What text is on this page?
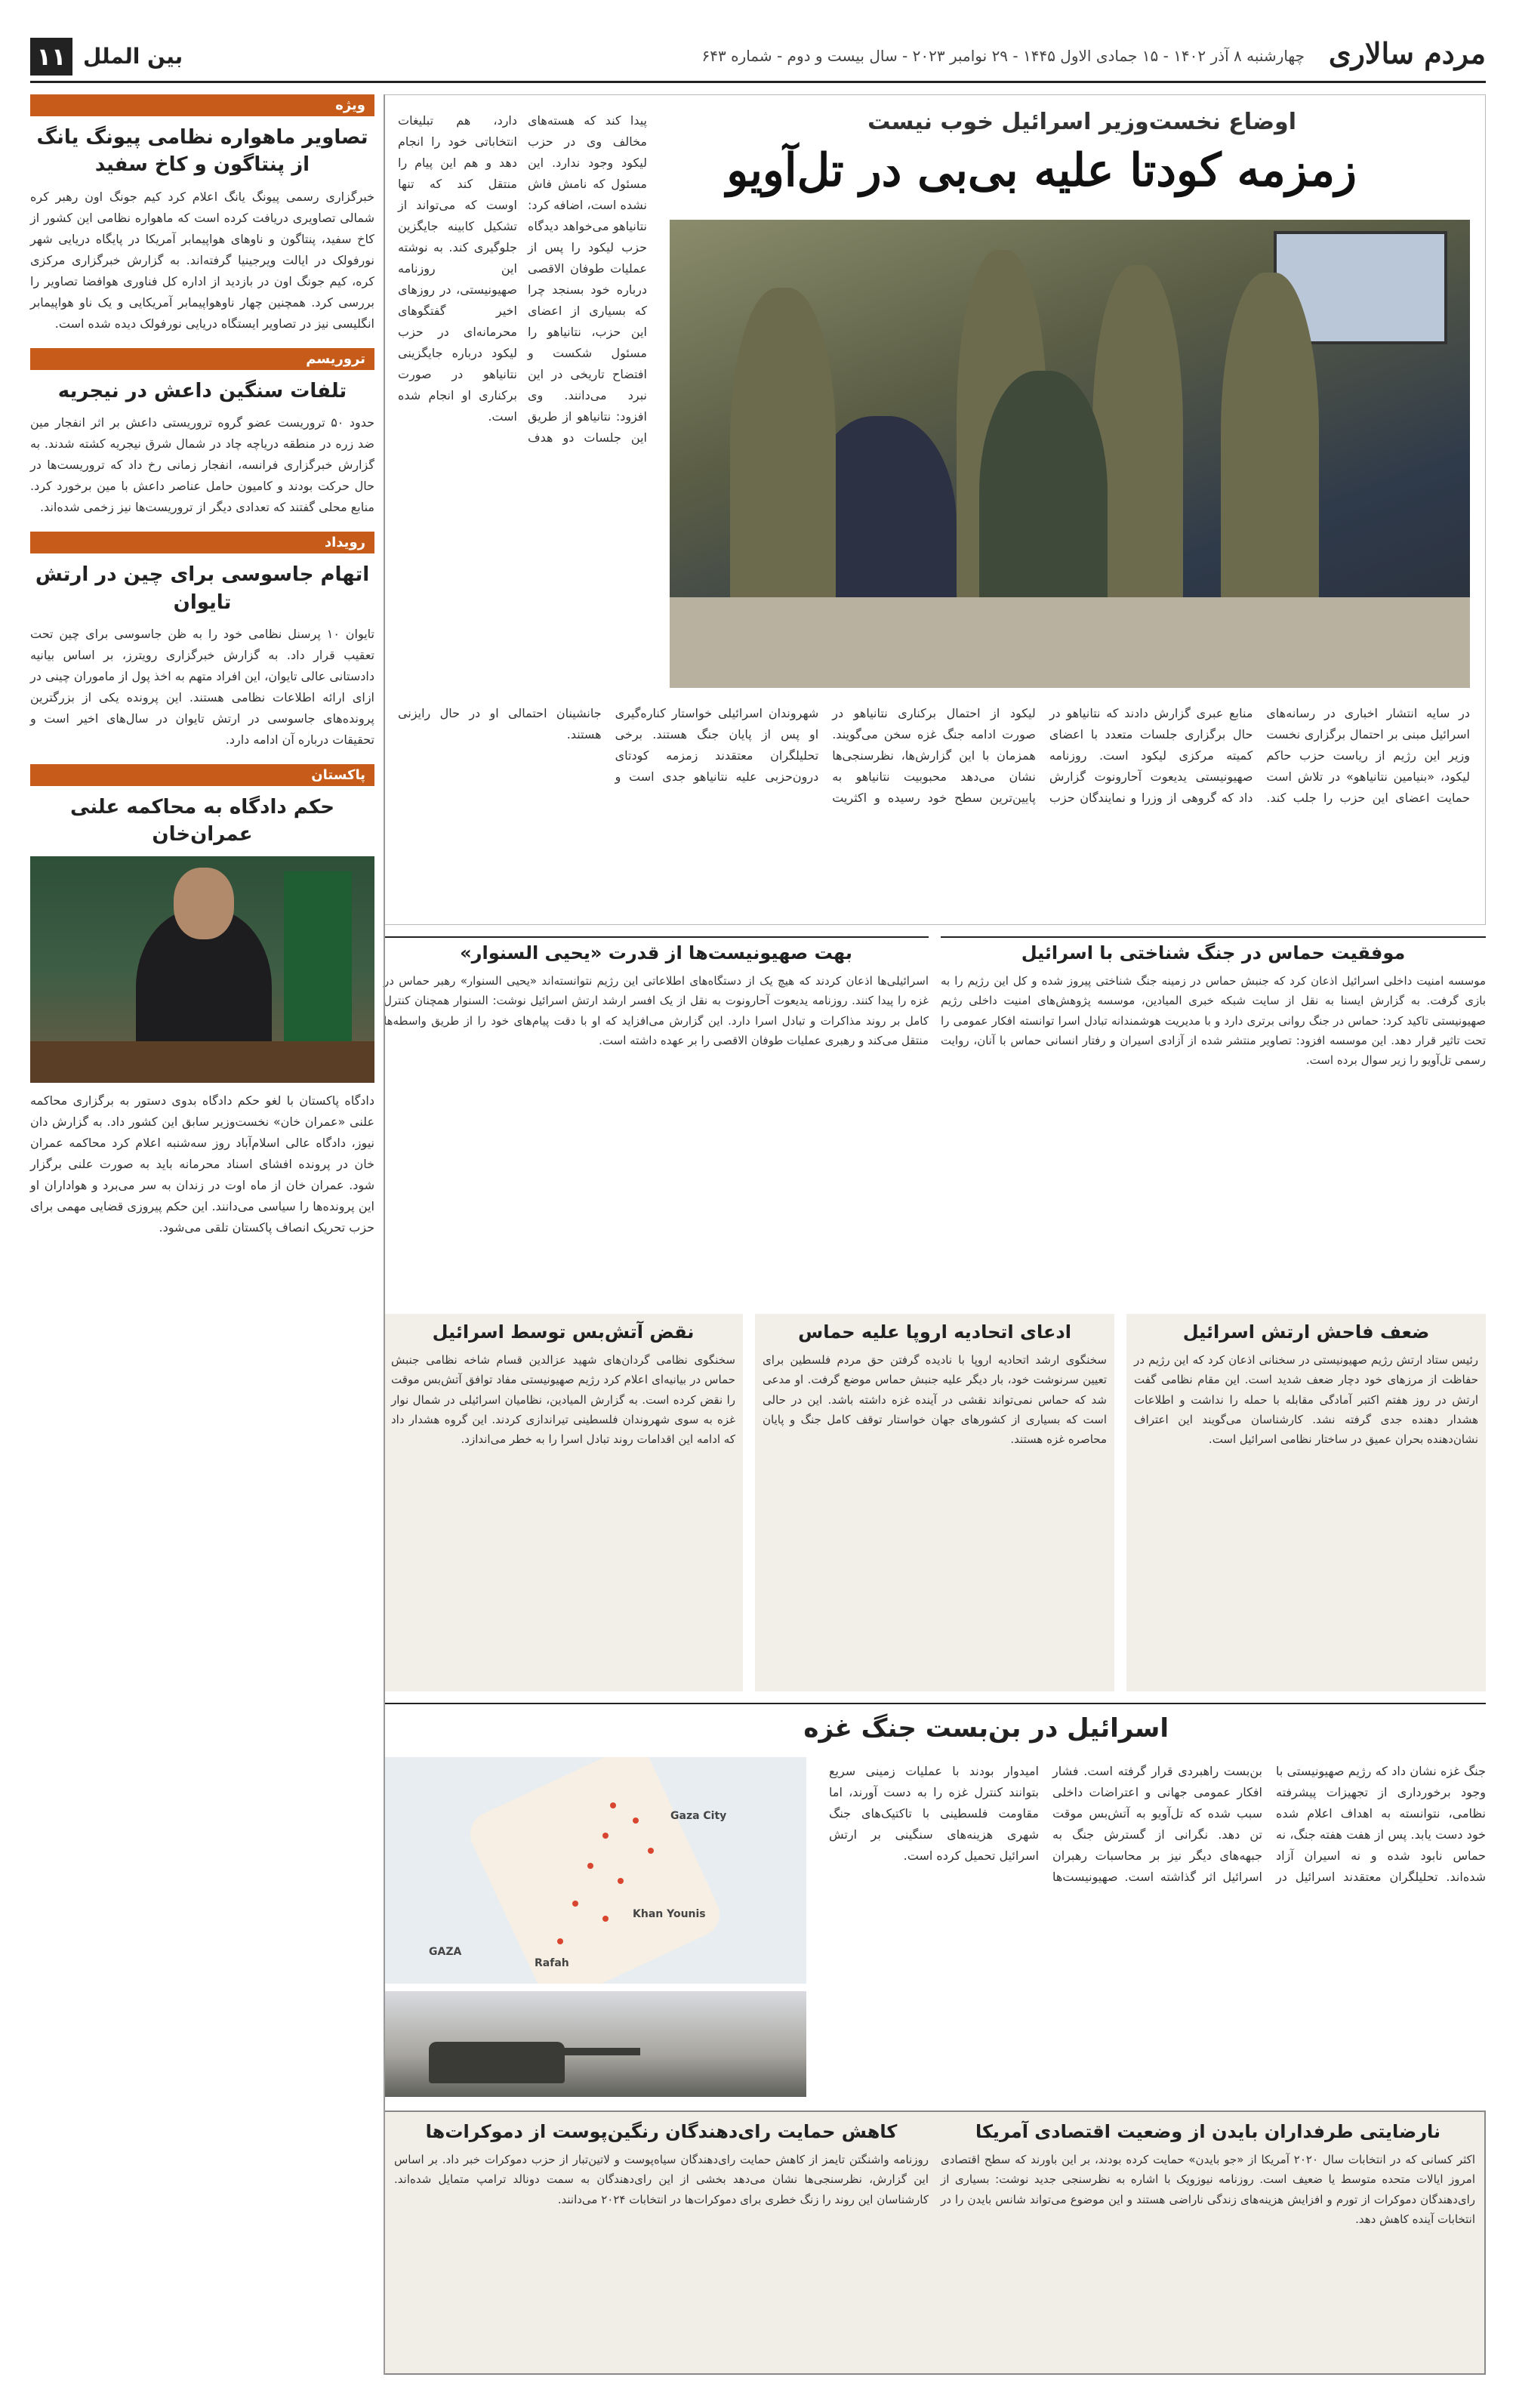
مردم سالاری
چهارشنبه ۸ آذر ۱۴۰۲ - ۱۵ جمادی الاول ۱۴۴۵ - ۲۹ نوامبر ۲۰۲۳ - سال بیست و دوم - شماره ۶۴۳
بین الملل
۱۱
اوضاع نخست‌وزیر اسرائیل خوب نیست
زمزمه کودتا علیه بی‌بی در تل‌آویو

پیدا کند که هسته‌های مخالف وی در حزب لیکود وجود ندارد. این مسئول که نامش فاش نشده است، اضافه کرد: نتانیاهو می‌خواهد دیدگاه حزب لیکود را پس از عملیات طوفان الاقصی درباره خود بسنجد چرا که بسیاری از اعضای این حزب، نتانیاهو را مسئول شکست و افتضاح تاریخی در این نبرد می‌دانند. وی افزود: نتانیاهو از طریق این جلسات دو هدف دارد، هم تبلیغات انتخاباتی خود را انجام دهد و هم این پیام را منتقل کند که تنها اوست که می‌تواند از تشکیل کابینه جایگزین جلوگیری کند. به نوشته این روزنامه صهیونیستی، در روزهای اخیر گفتگوهای محرمانه‌ای در حزب لیکود درباره جایگزینی نتانیاهو در صورت برکناری او انجام شده است.

در سایه انتشار اخباری در رسانه‌های اسرائیل مبنی بر احتمال برگزاری نخست وزیر این رژیم از ریاست حزب حاکم لیکود، «بنیامین نتانیاهو» در تلاش است حمایت اعضای این حزب را جلب کند. منابع عبری گزارش دادند که نتانیاهو در حال برگزاری جلسات متعدد با اعضای کمیته مرکزی لیکود است. روزنامه صهیونیستی یدیعوت آحارونوت گزارش داد که گروهی از وزرا و نمایندگان حزب لیکود از احتمال برکناری نتانیاهو در صورت ادامه جنگ غزه سخن می‌گویند. همزمان با این گزارش‌ها، نظرسنجی‌ها نشان می‌دهد محبوبیت نتانیاهو به پایین‌ترین سطح خود رسیده و اکثریت شهروندان اسرائیلی خواستار کناره‌گیری او پس از پایان جنگ هستند. برخی تحلیلگران معتقدند زمزمه کودتای درون‌حزبی علیه نتانیاهو جدی است و جانشینان احتمالی او در حال رایزنی هستند.

موفقیت حماس در جنگ شناختی با اسرائیل

موسسه امنیت داخلی اسرائیل اذعان کرد که جنبش حماس در زمینه جنگ شناختی پیروز شده و کل این رژیم را به بازی گرفت. به گزارش ایسنا به نقل از سایت شبکه خبری المیادین، موسسه پژوهش‌های امنیت داخلی رژیم صهیونیستی تاکید کرد: حماس در جنگ روانی برتری دارد و با مدیریت هوشمندانه تبادل اسرا توانسته افکار عمومی را تحت تاثیر قرار دهد. این موسسه افزود: تصاویر منتشر شده از آزادی اسیران و رفتار انسانی حماس با آنان، روایت رسمی تل‌آویو را زیر سوال برده است.

بهت صهیونیست‌ها از قدرت «یحیی السنوار»

اسرائیلی‌ها اذعان کردند که هیچ یک از دستگاه‌های اطلاعاتی این رژیم نتوانسته‌اند «یحیی السنوار» رهبر حماس در غزه را پیدا کنند. روزنامه یدیعوت آحارونوت به نقل از یک افسر ارشد ارتش اسرائیل نوشت: السنوار همچنان کنترل کامل بر روند مذاکرات و تبادل اسرا دارد. این گزارش می‌افزاید که او با دقت پیام‌های خود را از طریق واسطه‌ها منتقل می‌کند و رهبری عملیات طوفان الاقصی را بر عهده داشته است.

ضعف فاحش ارتش اسرائیل

رئیس ستاد ارتش رژیم صهیونیستی در سخنانی اذعان کرد که این رژیم در حفاظت از مرزهای خود دچار ضعف شدید است. این مقام نظامی گفت ارتش در روز هفتم اکتبر آمادگی مقابله با حمله را نداشت و اطلاعات هشدار دهنده جدی گرفته نشد. کارشناسان می‌گویند این اعتراف نشان‌دهنده بحران عمیق در ساختار نظامی اسرائیل است.

ادعای اتحادیه اروپا علیه حماس

سخنگوی ارشد اتحادیه اروپا با نادیده گرفتن حق مردم فلسطین برای تعیین سرنوشت خود، بار دیگر علیه جنبش حماس موضع گرفت. او مدعی شد که حماس نمی‌تواند نقشی در آینده غزه داشته باشد. این در حالی است که بسیاری از کشورهای جهان خواستار توقف کامل جنگ و پایان محاصره غزه هستند.

نقض آتش‌بس توسط اسرائیل

سخنگوی نظامی گردان‌های شهید عزالدین قسام شاخه نظامی جنبش حماس در بیانیه‌ای اعلام کرد رژیم صهیونیستی مفاد توافق آتش‌بس موقت را نقض کرده است. به گزارش المیادین، نظامیان اسرائیلی در شمال نوار غزه به سوی شهروندان فلسطینی تیراندازی کردند. این گروه هشدار داد که ادامه این اقدامات روند تبادل اسرا را به خطر می‌اندازد.

اسرائیل در بن‌بست جنگ غزه

جنگ غزه نشان داد که رژیم صهیونیستی با وجود برخورداری از تجهیزات پیشرفته نظامی، نتوانسته به اهداف اعلام شده خود دست یابد. پس از هفت هفته جنگ، نه حماس نابود شده و نه اسیران آزاد شده‌اند. تحلیلگران معتقدند اسرائیل در بن‌بست راهبردی قرار گرفته است. فشار افکار عمومی جهانی و اعتراضات داخلی سبب شده که تل‌آویو به آتش‌بس موقت تن دهد. نگرانی از گسترش جنگ به جبهه‌های دیگر نیز بر محاسبات رهبران اسرائیل اثر گذاشته است. صهیونیست‌ها امیدوار بودند با عملیات زمینی سریع بتوانند کنترل غزه را به دست آورند، اما مقاومت فلسطینی با تاکتیک‌های جنگ شهری هزینه‌های سنگینی بر ارتش اسرائیل تحمیل کرده است.

GAZA
Gaza City
Rafah
Khan Younis
نارضایتی طرفداران بایدن از وضعیت اقتصادی آمریکا

اکثر کسانی که در انتخابات سال ۲۰۲۰ آمریکا از «جو بایدن» حمایت کرده بودند، بر این باورند که سطح اقتصادی امروز ایالات متحده متوسط یا ضعیف است. روزنامه نیوزویک با اشاره به نظرسنجی جدید نوشت: بسیاری از رای‌دهندگان دموکرات از تورم و افزایش هزینه‌های زندگی ناراضی هستند و این موضوع می‌تواند شانس بایدن را در انتخابات آینده کاهش دهد.

کاهش حمایت رای‌دهندگان رنگین‌پوست از دموکرات‌ها

روزنامه واشنگتن تایمز از کاهش حمایت رای‌دهندگان سیاه‌پوست و لاتین‌تبار از حزب دموکرات خبر داد. بر اساس این گزارش، نظرسنجی‌ها نشان می‌دهد بخشی از این رای‌دهندگان به سمت دونالد ترامپ متمایل شده‌اند. کارشناسان این روند را زنگ خطری برای دموکرات‌ها در انتخابات ۲۰۲۴ می‌دانند.

ویژه
تصاویر ماهواره نظامی پیونگ یانگ از پنتاگون و کاخ سفید

خبرگزاری رسمی پیونگ یانگ اعلام کرد کیم جونگ اون رهبر کره شمالی تصاویری دریافت کرده است که ماهواره نظامی این کشور از کاخ سفید، پنتاگون و ناوهای هواپیمابر آمریکا در پایگاه دریایی شهر نورفولک در ایالت ویرجینیا گرفته‌اند. به گزارش خبرگزاری مرکزی کره، کیم جونگ اون در بازدید از اداره کل فناوری هوافضا تصاویر را بررسی کرد. همچنین چهار ناوهواپیمابر آمریکایی و یک ناو هواپیمابر انگلیسی نیز در تصاویر ایستگاه دریایی نورفولک دیده شده است.

تروریسم
تلفات سنگین داعش در نیجریه

حدود ۵۰ تروریست عضو گروه تروریستی داعش بر اثر انفجار مین ضد زره در منطقه دریاچه چاد در شمال شرق نیجریه کشته شدند. به گزارش خبرگزاری فرانسه، انفجار زمانی رخ داد که تروریست‌ها در حال حرکت بودند و کامیون حامل عناصر داعش با مین برخورد کرد. منابع محلی گفتند که تعدادی دیگر از تروریست‌ها نیز زخمی شده‌اند.

رویداد
اتهام جاسوسی برای چین در ارتش تایوان

تایوان ۱۰ پرسنل نظامی خود را به ظن جاسوسی برای چین تحت تعقیب قرار داد. به گزارش خبرگزاری رویترز، بر اساس بیانیه دادستانی عالی تایوان، این افراد متهم به اخذ پول از ماموران چینی در ازای ارائه اطلاعات نظامی هستند. این پرونده یکی از بزرگترین پرونده‌های جاسوسی در ارتش تایوان در سال‌های اخیر است و تحقیقات درباره آن ادامه دارد.

پاکستان
حکم دادگاه به محاکمه علنی عمران‌خان

دادگاه پاکستان با لغو حکم دادگاه بدوی دستور به برگزاری محاکمه علنی «عمران خان» نخست‌وزیر سابق این کشور داد. به گزارش دان نیوز، دادگاه عالی اسلام‌آباد روز سه‌شنبه اعلام کرد محاکمه عمران خان در پرونده افشای اسناد محرمانه باید به صورت علنی برگزار شود. عمران خان از ماه اوت در زندان به سر می‌برد و هواداران او این پرونده‌ها را سیاسی می‌دانند. این حکم پیروزی قضایی مهمی برای حزب تحریک انصاف پاکستان تلقی می‌شود.
